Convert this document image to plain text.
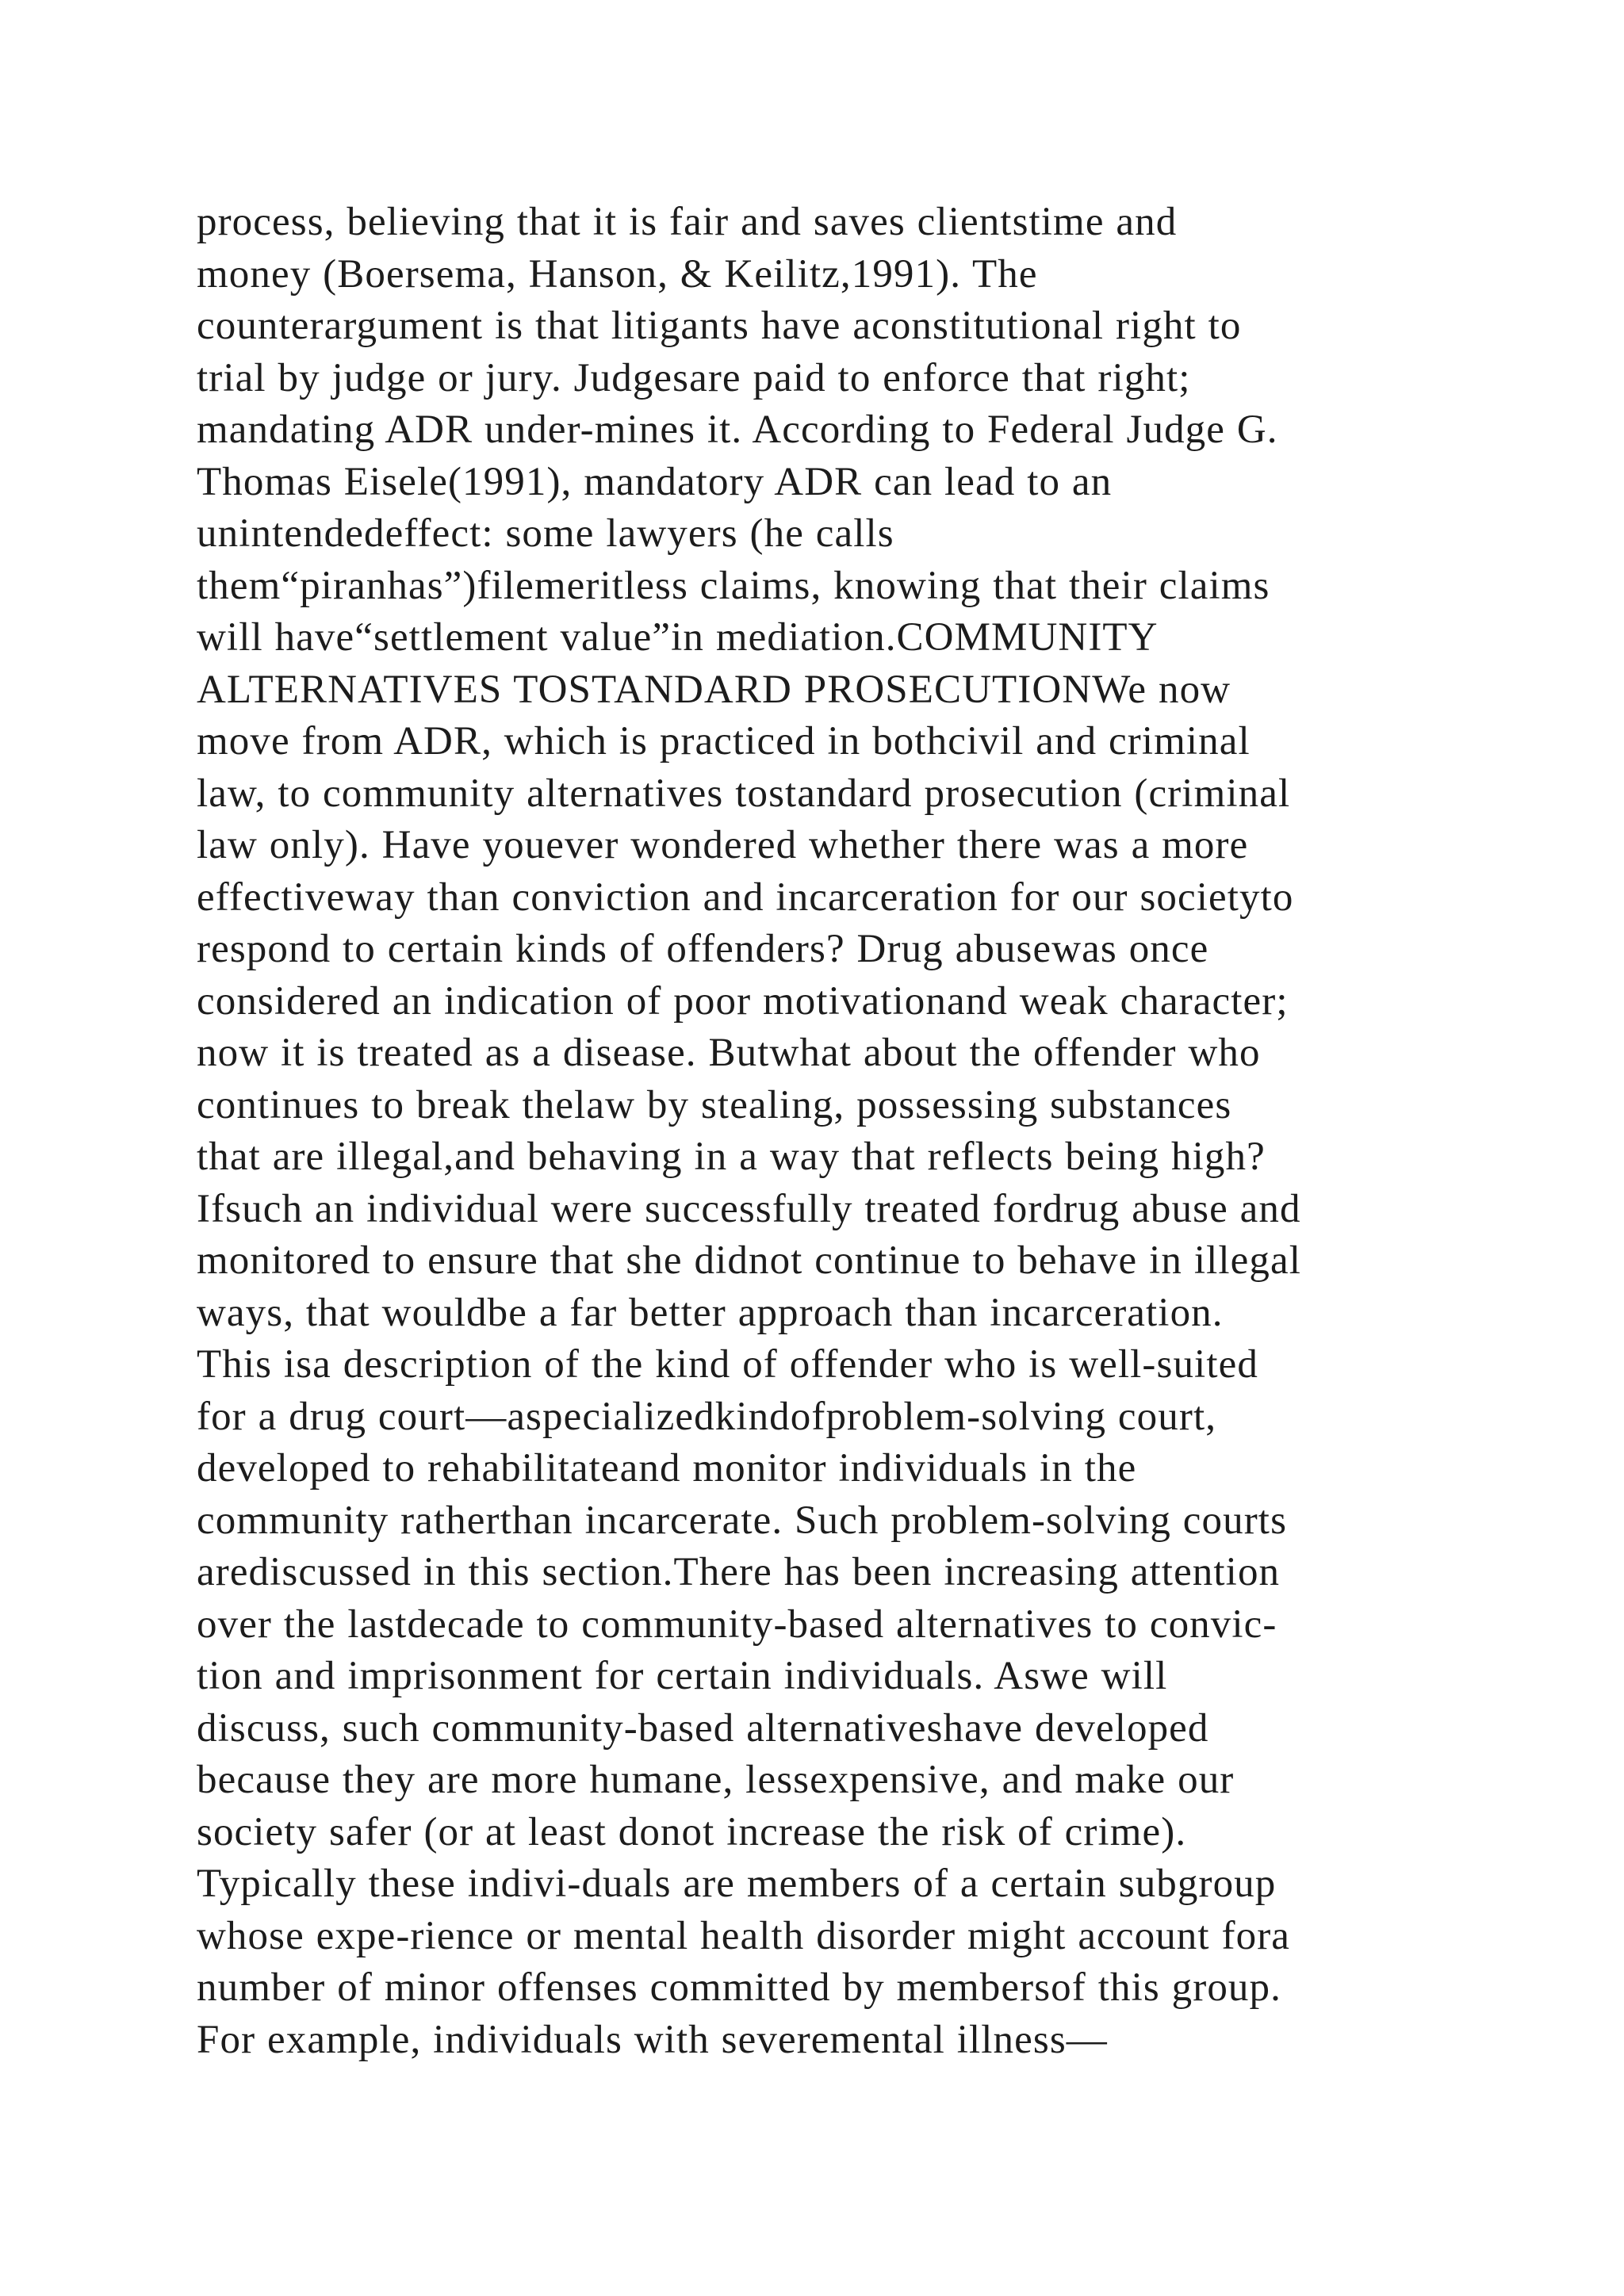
process, believing that it is fair and saves clientstime and
money (Boersema, Hanson, & Keilitz,1991). The
counterargument is that litigants have aconstitutional right to
trial by judge or jury. Judgesare paid to enforce that right;
mandating ADR under-mines it. According to Federal Judge G.
Thomas Eisele(1991), mandatory ADR can lead to an
unintendedeffect: some lawyers (he calls
them“piranhas”)filemeritless claims, knowing that their claims
will have“settlement value”in mediation.COMMUNITY
ALTERNATIVES TOSTANDARD PROSECUTIONWe now
move from ADR, which is practiced in bothcivil and criminal
law, to community alternatives tostandard prosecution (criminal
law only). Have youever wondered whether there was a more
effectiveway than conviction and incarceration for our societyto
respond to certain kinds of offenders? Drug abusewas once
considered an indication of poor motivationand weak character;
now it is treated as a disease. Butwhat about the offender who
continues to break thelaw by stealing, possessing substances
that are illegal,and behaving in a way that reflects being high?
Ifsuch an individual were successfully treated fordrug abuse and
monitored to ensure that she didnot continue to behave in illegal
ways, that wouldbe a far better approach than incarceration.
This isa description of the kind of offender who is well-suited
for a drug court—aspecializedkindofproblem-solving court,
developed to rehabilitateand monitor individuals in the
community ratherthan incarcerate. Such problem-solving courts
arediscussed in this section.There has been increasing attention
over the lastdecade to community-based alternatives to convic-
tion and imprisonment for certain individuals. Aswe will
discuss, such community-based alternativeshave developed
because they are more humane, lessexpensive, and make our
society safer (or at least donot increase the risk of crime).
Typically these indivi-duals are members of a certain subgroup
whose expe-rience or mental health disorder might account fora
number of minor offenses committed by membersof this group.
For example, individuals with severemental illness—
